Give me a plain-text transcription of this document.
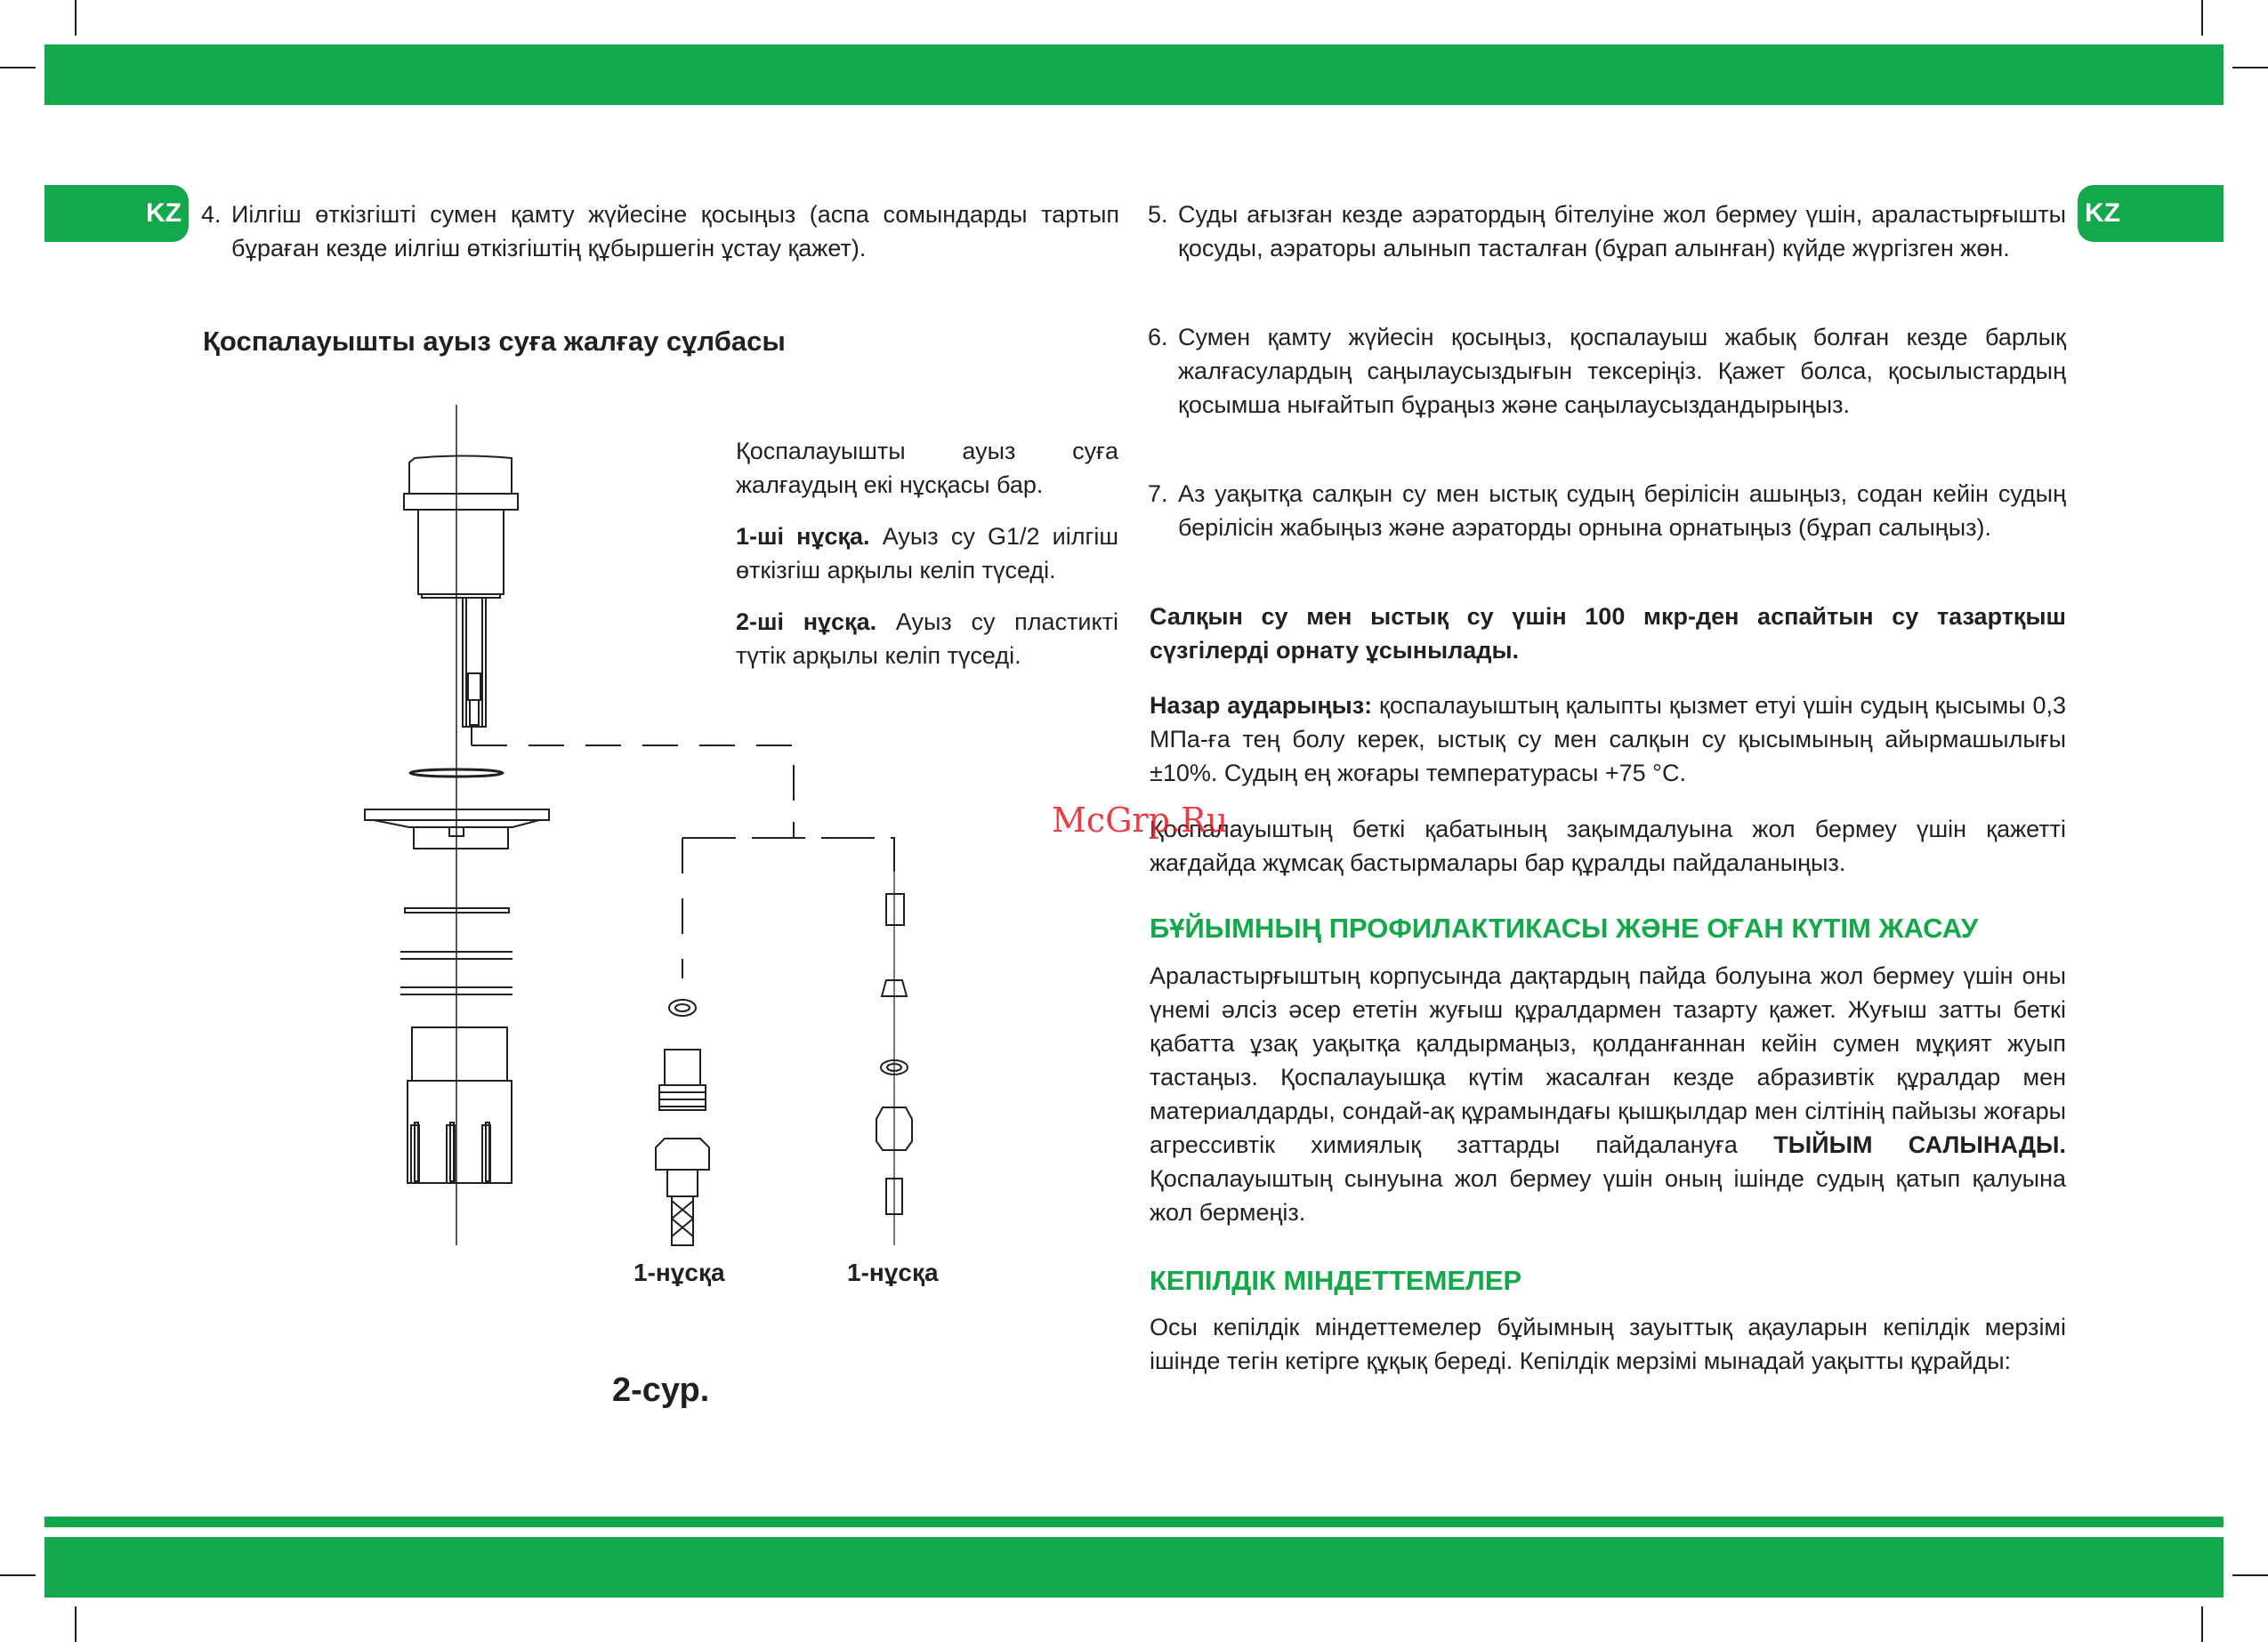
KZ	KZ
4. Иілгіш өткізгішті сумен қамту жүйесіне қосыңыз (аспа сомындарды тартып бұраған кезде иілгіш өткізгіштің құбыршегін ұстау қажет).
Қоспалауышты ауыз суға жалғау сұлбасы
Қоспалауышты ауыз суға жалғаудың екі нұсқасы бар.
1-ші нұсқа. Ауыз су G1/2 иілгіш өткізгіш арқылы келіп түседі.
2-ші нұсқа. Ауыз су пластикті түтік арқылы келіп түседі.
1-нұсқа	1-нұсқа
2-сур.
5. Суды ағызған кезде аэратордың бітелуіне жол бермеу үшін, араластырғышты қосуды, аэраторы алынып тасталған (бұрап алынған) күйде жүргізген жөн.
6. Сумен қамту жүйесін қосыңыз, қоспалауыш жабық болған кезде барлық жалғасулардың саңылаусыздығын тексеріңіз. Қажет болса, қосылыстардың қосымша нығайтып бұраңыз және саңылаусыздандырыңыз.
7. Аз уақытқа салқын су мен ыстық судың берілісін ашыңыз, содан кейін судың берілісін жабыңыз және аэраторды орнына орнатыңыз (бұрап салыңыз).
Салқын су мен ыстық су үшін 100 мкр-ден аспайтын су тазартқыш сүзгілерді орнату ұсынылады.
Назар аударыңыз: қоспалауыштың қалыпты қызмет етуі үшін судың қысымы 0,3 МПа-ға тең болу керек, ыстық су мен салқын су қысымының айырмашылығы ±10%. Судың ең жоғары температурасы +75 °С.
Қоспалауыштың беткі қабатының зақымдалуына жол бермеу үшін қажетті жағдайда жұмсақ бастырмалары бар құралды пайдаланыңыз.
БҰЙЫМНЫҢ ПРОФИЛАКТИКАСЫ ЖӘНЕ ОҒАН КҮТІМ ЖАСАУ
Араластырғыштың корпусында дақтардың пайда болуына жол бермеу үшін оны үнемі әлсіз әсер ететін жуғыш құралдармен тазарту қажет. Жуғыш затты беткі қабатта ұзақ уақытқа қалдырмаңыз, қолданғаннан кейін сумен мұқият жуып тастаңыз. Қоспалауышқа күтім жасалған кезде абразивтік құралдар мен материалдарды, сондай-ақ құрамындағы қышқылдар мен сілтінің пайызы жоғары агрессивтік химиялық заттарды пайдалануға ТЫЙЫМ САЛЫНАДЫ. Қоспалауыштың сынуына жол бермеу үшін оның ішінде судың қатып қалуына жол бермеңіз.
КЕПІЛДІК МІНДЕТТЕМЕЛЕР
Осы кепілдік міндеттемелер бұйымның зауыттық ақауларын кепілдік мерзімі ішінде тегін кетірге құқық береді. Кепілдік мерзімі мынадай уақытты құрайды:
McGrp.Ru
